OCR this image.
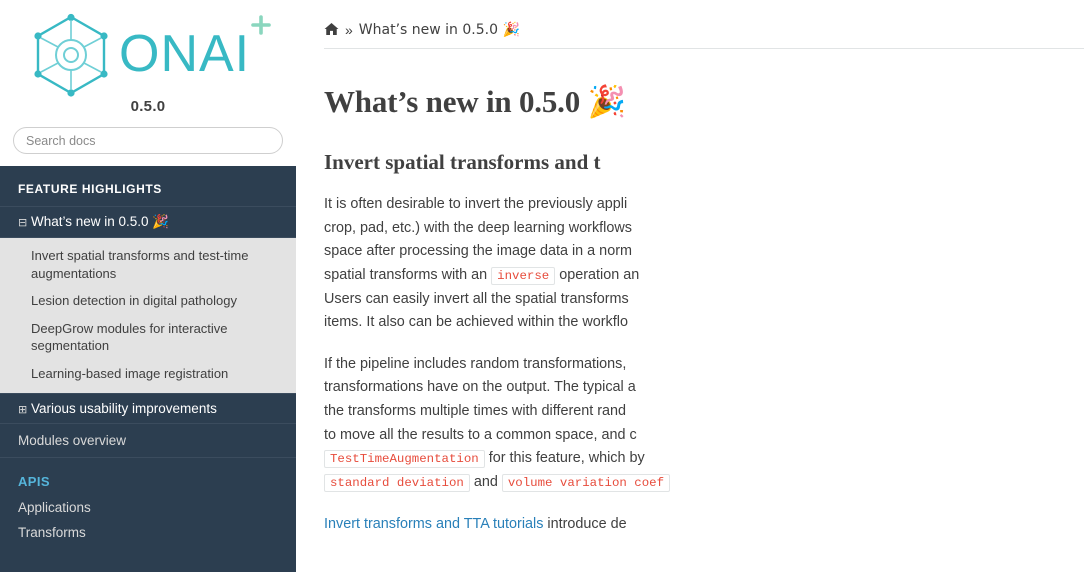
ONAI
0.5.0
Search docs
FEATURE HIGHLIGHTS
⊟ What’s new in 0.5.0 🎉
Invert spatial transforms and test-time augmentations
Lesion detection in digital pathology
DeepGrow modules for interactive segmentation
Learning-based image registration
⊞ Various usability improvements
Modules overview
APIS
Applications
Transforms
» What’s new in 0.5.0 🎉
What’s new in 0.5.0 🎉
Invert spatial transforms and t

It is often desirable to invert the previously appli
crop, pad, etc.) with the deep learning workflows
space after processing the image data in a norm
spatial transforms with an inverse operation an
Users can easily invert all the spatial transforms
items. It also can be achieved within the workflo

If the pipeline includes random transformations,
transformations have on the output. The typical a
the transforms multiple times with different rand
to move all the results to a common space, and c
TestTimeAugmentation for this feature, which by
standard deviation and volume variation coef

Invert transforms and TTA tutorials introduce de
